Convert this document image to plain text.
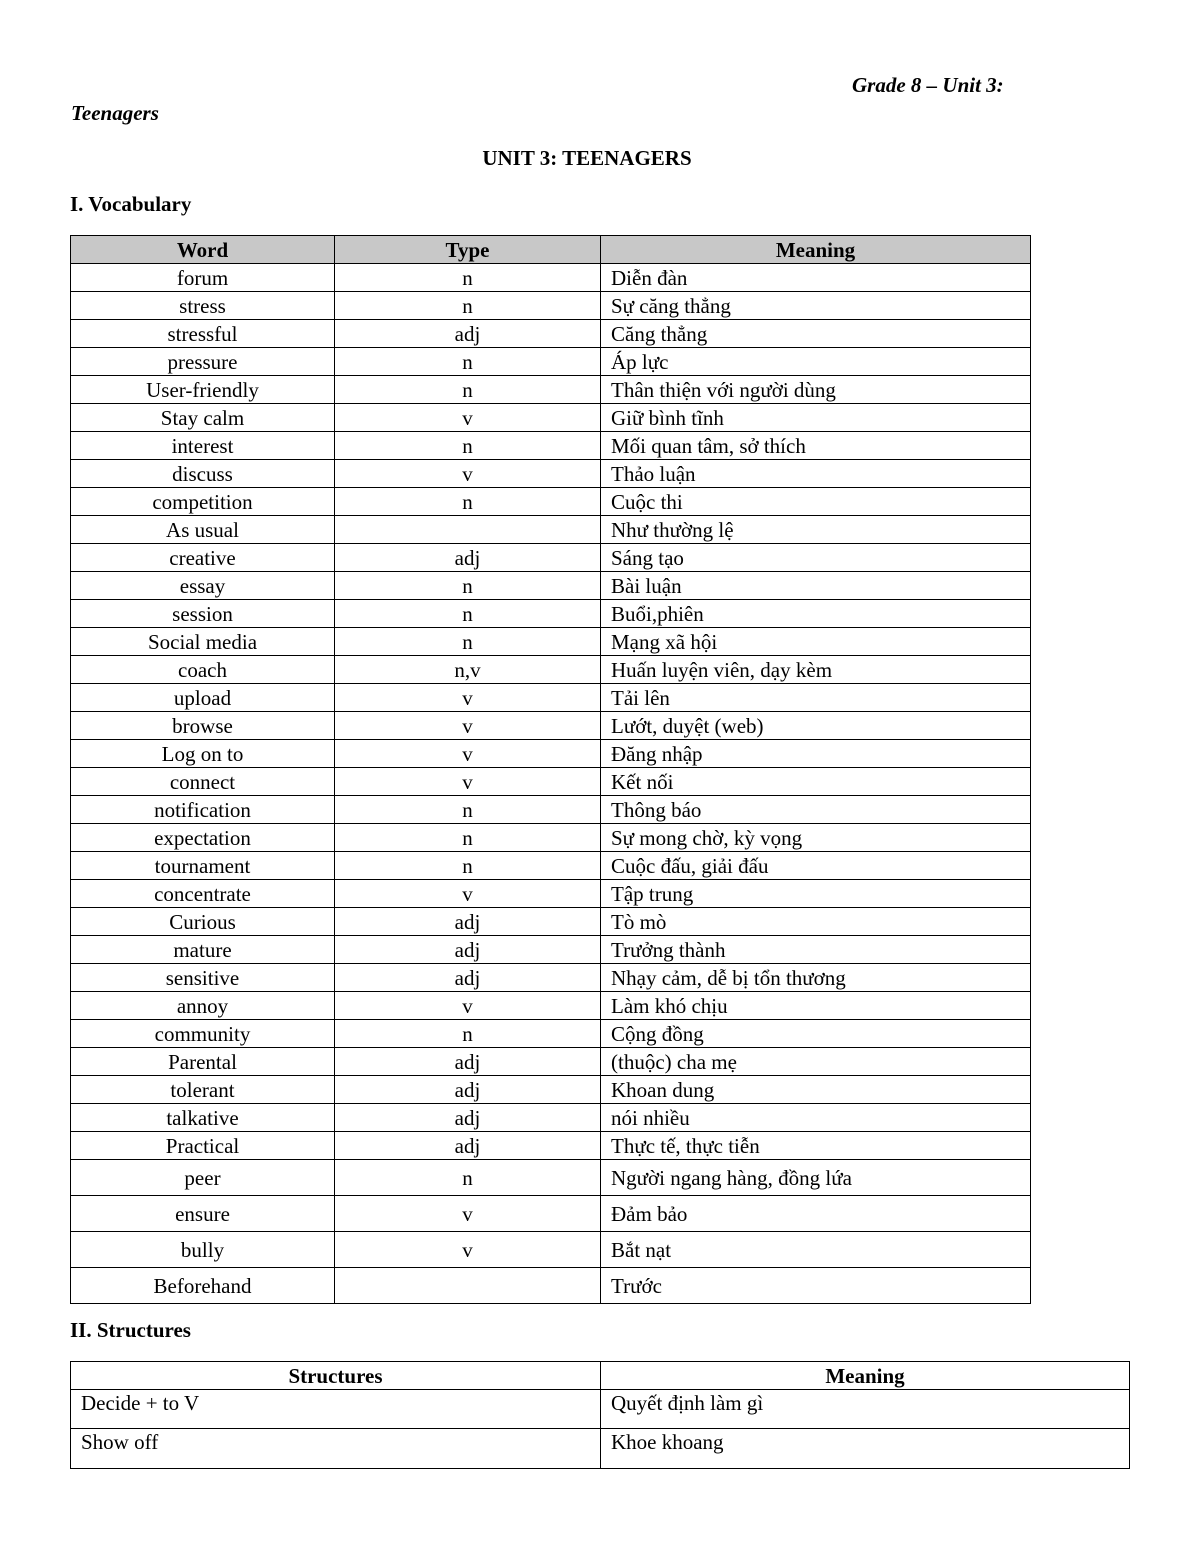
Grade 8 – Unit 3:
Teenagers
UNIT 3: TEENAGERS
I. Vocabulary
Word	Type	Meaning
forum	n	Diễn đàn
stress	n	Sự căng thẳng
stressful	adj	Căng thẳng
pressure	n	Áp lực
User-friendly	n	Thân thiện với người dùng
Stay calm	v	Giữ bình tĩnh
interest	n	Mối quan tâm, sở thích
discuss	v	Thảo luận
competition	n	Cuộc thi
As usual		Như thường lệ
creative	adj	Sáng tạo
essay	n	Bài luận
session	n	Buổi,phiên
Social media	n	Mạng xã hội
coach	n,v	Huấn luyện viên, dạy kèm
upload	v	Tải lên
browse	v	Lướt, duyệt (web)
Log on to	v	Đăng nhập
connect	v	Kết nối
notification	n	Thông báo
expectation	n	Sự mong chờ, kỳ vọng
tournament	n	Cuộc đấu, giải đấu
concentrate	v	Tập trung
Curious	adj	Tò mò
mature	adj	Trưởng thành
sensitive	adj	Nhạy cảm, dễ bị tổn thương
annoy	v	Làm khó chịu
community	n	Cộng đồng
Parental	adj	(thuộc) cha mẹ
tolerant	adj	Khoan dung
talkative	adj	nói nhiều
Practical	adj	Thực tế, thực tiễn
peer	n	Người ngang hàng, đồng lứa
ensure	v	Đảm bảo
bully	v	Bắt nạt
Beforehand		Trước
II. Structures
Structures	Meaning
Decide + to V	Quyết định làm gì
Show off	Khoe khoang
